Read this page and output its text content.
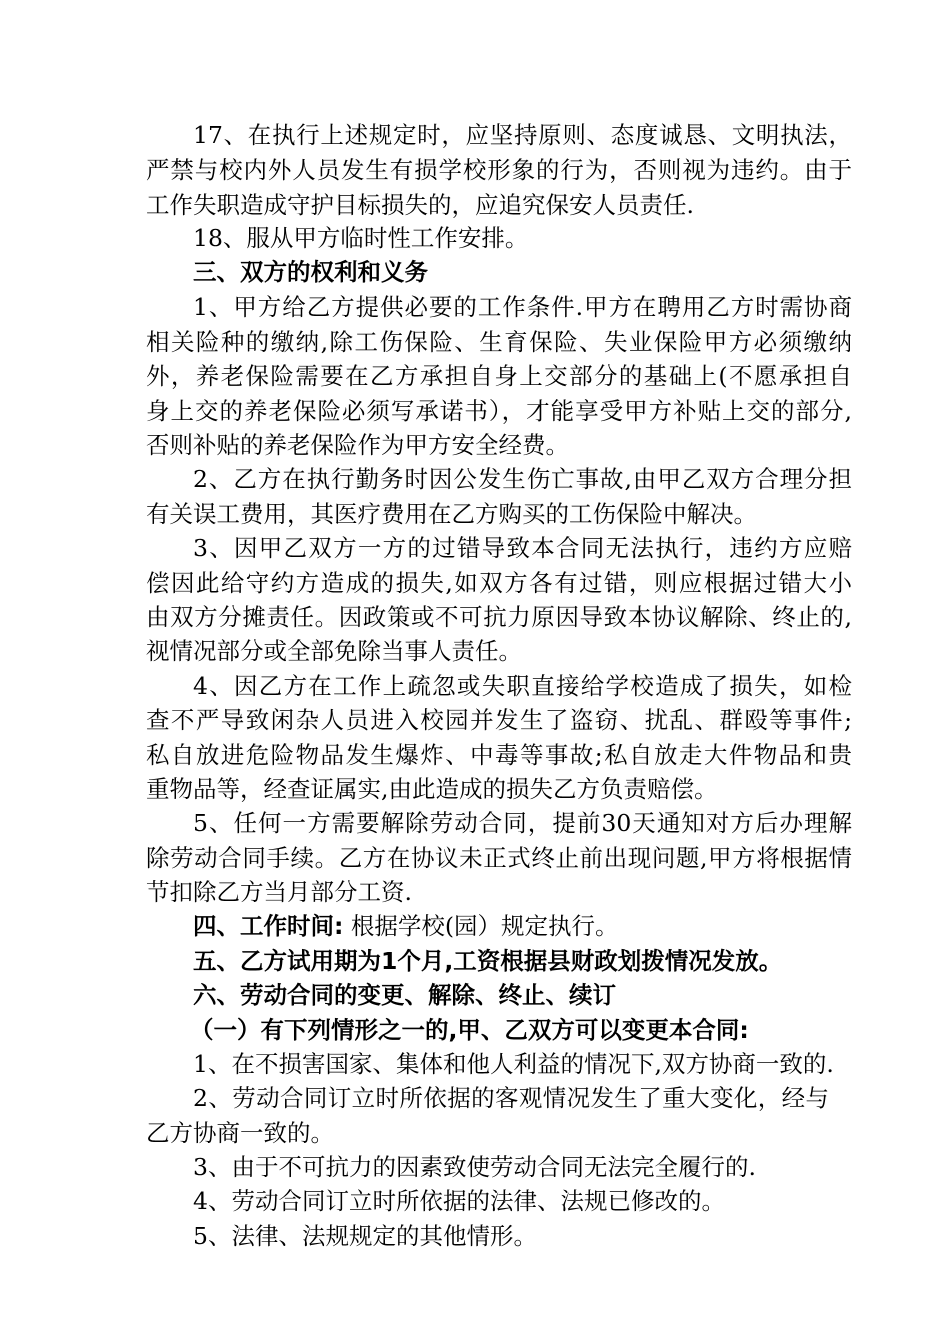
17、在执行上述规定时，应坚持原则、态度诚恳、文明执法，
严禁与校内外人员发生有损学校形象的行为，否则视为违约。由于
工作失职造成守护目标损失的，应追究保安人员责任.
18、服从甲方临时性工作安排。
三、双方的权利和义务
1、甲方给乙方提供必要的工作条件.甲方在聘用乙方时需协商
相关险种的缴纳,除工伤保险、生育保险、失业保险甲方必须缴纳
外，养老保险需要在乙方承担自身上交部分的基础上(不愿承担自
身上交的养老保险必须写承诺书），才能享受甲方补贴上交的部分,
否则补贴的养老保险作为甲方安全经费。
2、乙方在执行勤务时因公发生伤亡事故,由甲乙双方合理分担
有关误工费用，其医疗费用在乙方购买的工伤保险中解决。
3、因甲乙双方一方的过错导致本合同无法执行，违约方应赔
偿因此给守约方造成的损失,如双方各有过错，则应根据过错大小
由双方分摊责任。因政策或不可抗力原因导致本协议解除、终止的,
视情况部分或全部免除当事人责任。
4、因乙方在工作上疏忽或失职直接给学校造成了损失，如检
查不严导致闲杂人员进入校园并发生了盗窃、扰乱、群殴等事件;
私自放进危险物品发生爆炸、中毒等事故;私自放走大件物品和贵
重物品等，经查证属实,由此造成的损失乙方负责赔偿。
5、任何一方需要解除劳动合同，提前30天通知对方后办理解
除劳动合同手续。乙方在协议未正式终止前出现问题,甲方将根据情
节扣除乙方当月部分工资.
四、工作时间: 根据学校(园）规定执行。
五、乙方试用期为1个月,工资根据县财政划拨情况发放。
六、劳动合同的变更、解除、终止、续订
（一）有下列情形之一的,甲、乙双方可以变更本合同:
1、在不损害国家、集体和他人利益的情况下,双方协商一致的.
2、劳动合同订立时所依据的客观情况发生了重大变化，经与
乙方协商一致的。
3、由于不可抗力的因素致使劳动合同无法完全履行的.
4、劳动合同订立时所依据的法律、法规已修改的。
5、法律、法规规定的其他情形。
